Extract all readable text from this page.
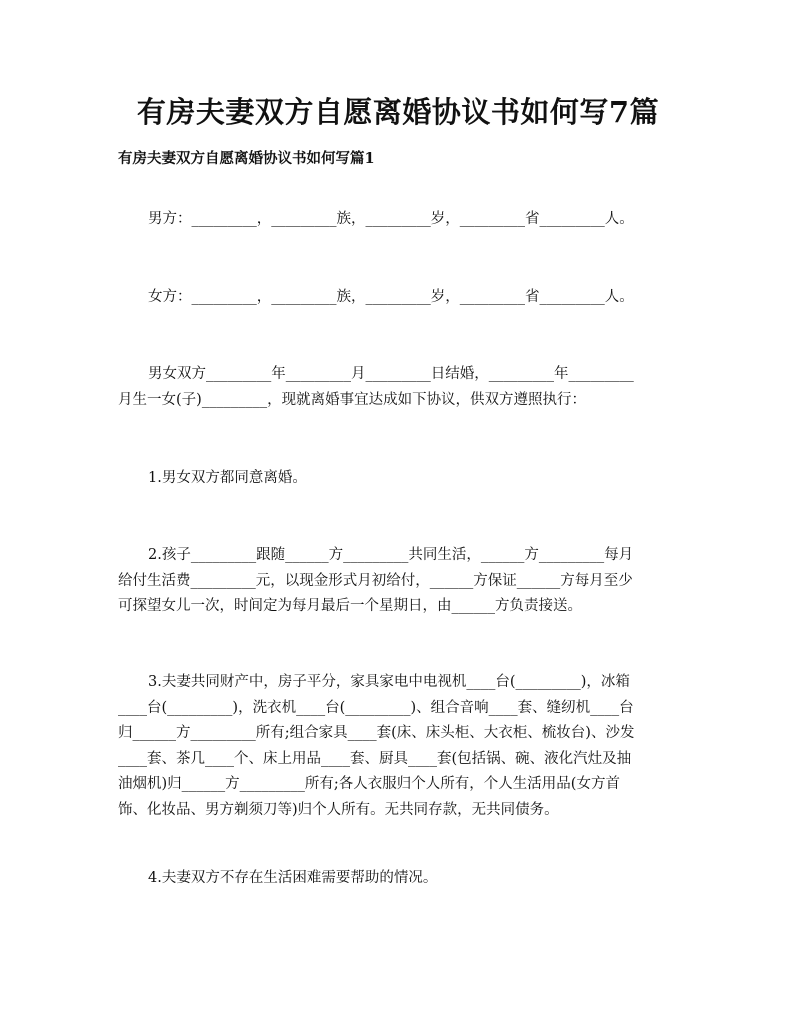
有房夫妻双方自愿离婚协议书如何写7篇
有房夫妻双方自愿离婚协议书如何写篇1
男方：_________，_________族，_________岁，_________省_________人。
女方：_________，_________族，_________岁，_________省_________人。
男女双方_________年_________月_________日结婚，_________年_________
月生一女(子)_________，现就离婚事宜达成如下协议，供双方遵照执行：
1.男女双方都同意离婚。
2.孩子_________跟随______方_________共同生活，______方_________每月
给付生活费_________元，以现金形式月初给付，______方保证______方每月至少
可探望女儿一次，时间定为每月最后一个星期日，由______方负责接送。
3.夫妻共同财产中，房子平分，家具家电中电视机____台(_________)，冰箱
____台(_________)，洗衣机____台(_________)、组合音响____套、缝纫机____台
归______方_________所有;组合家具____套(床、床头柜、大衣柜、梳妆台)、沙发
____套、茶几____个、床上用品____套、厨具____套(包括锅、碗、液化汽灶及抽
油烟机)归______方_________所有;各人衣服归个人所有，个人生活用品(女方首
饰、化妆品、男方剃须刀等)归个人所有。无共同存款，无共同债务。
4.夫妻双方不存在生活困难需要帮助的情况。
